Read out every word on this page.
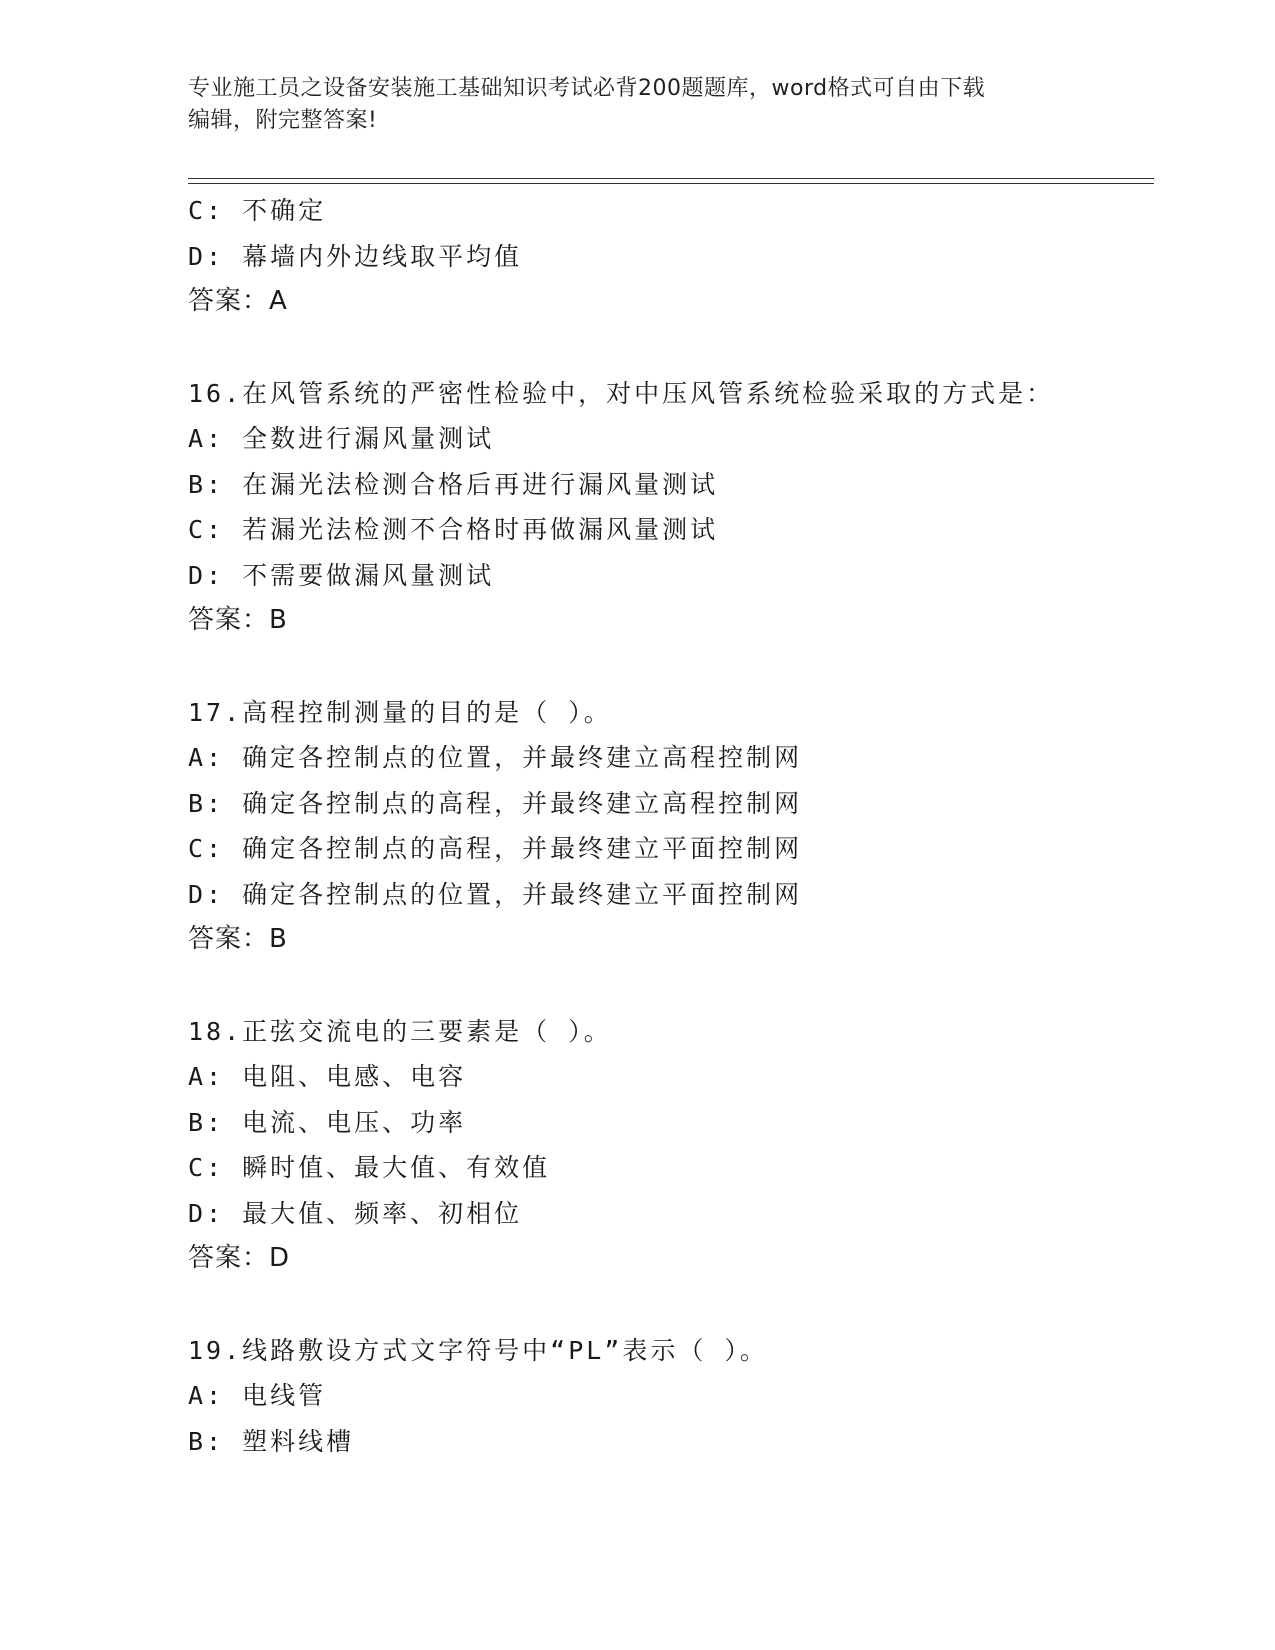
专业施工员之设备安装施工基础知识考试必背200题题库，word格式可自由下载
编辑，附完整答案!
C: 不确定
D: 幕墙内外边线取平均值
答案：A
16.在风管系统的严密性检验中，对中压风管系统检验采取的方式是：
A: 全数进行漏风量测试
B: 在漏光法检测合格后再进行漏风量测试
C: 若漏光法检测不合格时再做漏风量测试
D: 不需要做漏风量测试
答案：B
17.高程控制测量的目的是（ ）。
A: 确定各控制点的位置，并最终建立高程控制网
B: 确定各控制点的高程，并最终建立高程控制网
C: 确定各控制点的高程，并最终建立平面控制网
D: 确定各控制点的位置，并最终建立平面控制网
答案：B
18.正弦交流电的三要素是（ ）。
A: 电阻、电感、电容
B: 电流、电压、功率
C: 瞬时值、最大值、有效值
D: 最大值、频率、初相位
答案：D
19.线路敷设方式文字符号中“PL”表示（ ）。
A: 电线管
B: 塑料线槽
